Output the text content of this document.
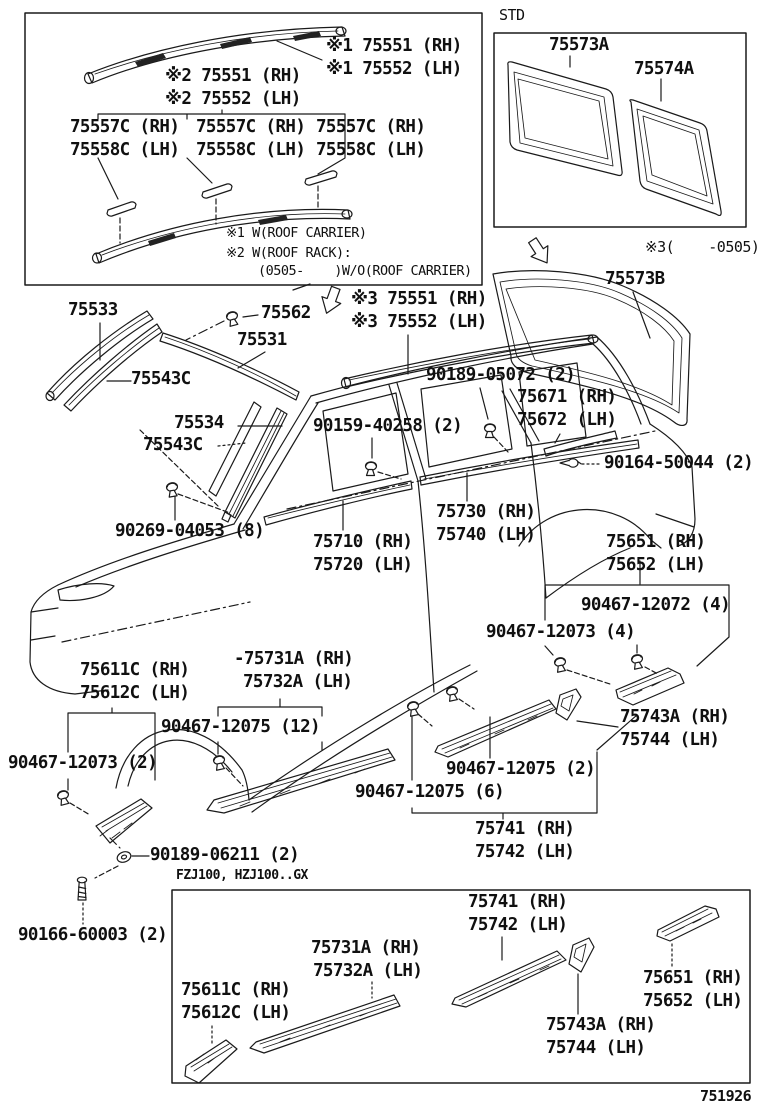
※1 75551 (RH)
※1 75552 (LH)
※2 75551 (RH)
※2 75552 (LH)
75557C (RH)
75558C (LH)
75557C (RH)
75558C (LH)
75557C (RH)
75558C (LH)
※1 W(ROOF CARRIER)
※2 W(ROOF RACK):
(0505-    )W/O(ROOF CARRIER)
STD
75573A
75574A
※3(    -0505)
75573B
※3 75551 (RH)
※3 75552 (LH)
75533	75562
75531
75543C	90189-05072 (2)
75671 (RH)
75672 (LH)
75534	90159-40258 (2)
75543C
90164-50044 (2)
75730 (RH)
75740 (LH)
90269-04053 (8)
75710 (RH)
75720 (LH)
75651 (RH)
75652 (LH)
90467-12072 (4)
90467-12073 (4)
75611C (RH)
75612C (LH)
-75731A (RH)
75732A (LH)
90467-12075 (12)
90467-12073 (2)
75743A (RH)
75744 (LH)
90467-12075 (2)
90467-12075 (6)
75741 (RH)
75742 (LH)
90189-06211 (2)
90166-60003 (2)
FZJ100, HZJ100..GX
75741 (RH)
75742 (LH)
75731A (RH)
75732A (LH)
75611C (RH)
75612C (LH)
75651 (RH)
75652 (LH)
75743A (RH)
75744 (LH)
751926
